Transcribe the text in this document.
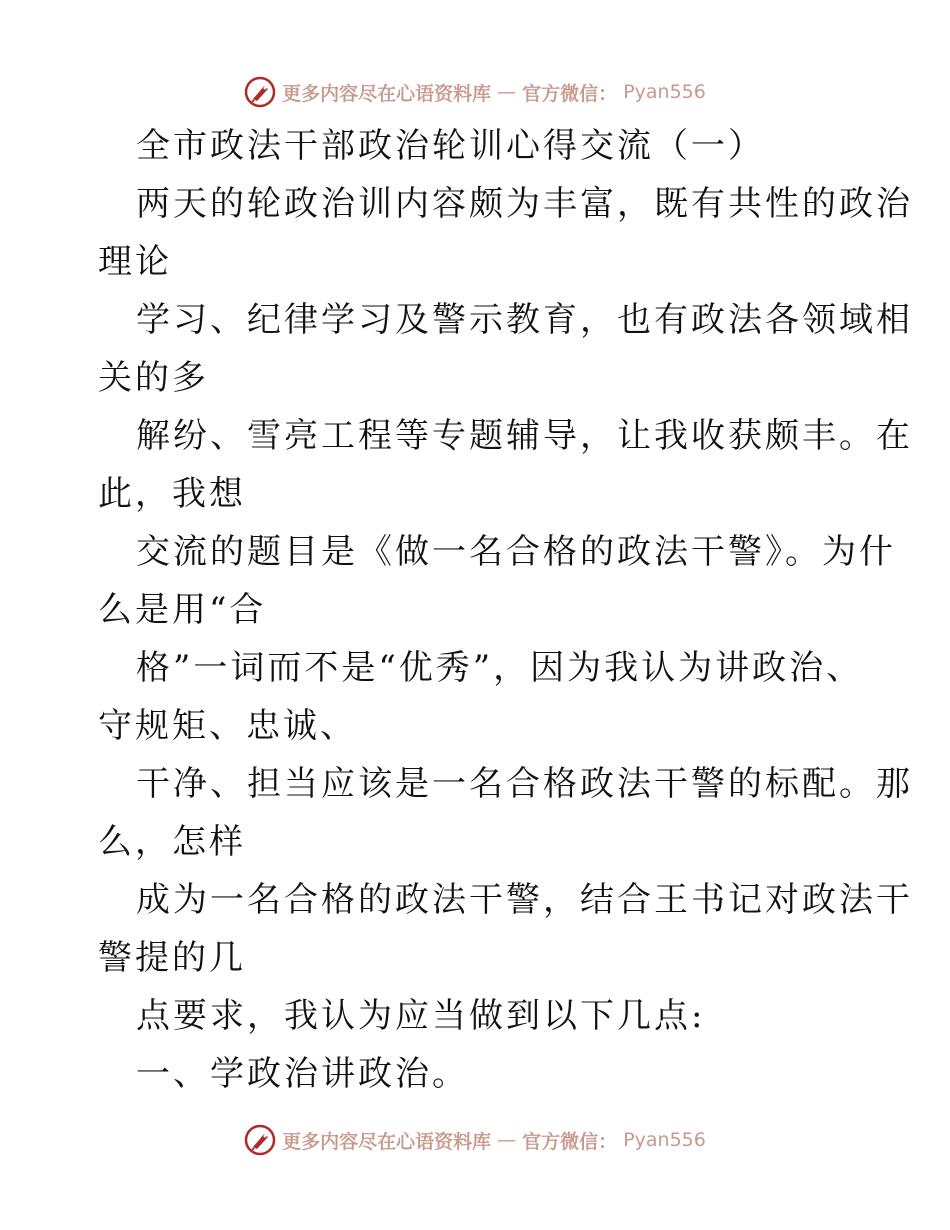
更多内容尽在心语资料库 — 官方微信： Pyan556
全市政法干部政治轮训心得交流（一）
两天的轮政治训内容颇为丰富，既有共性的政治
理论
学习、纪律学习及警示教育，也有政法各领域相
关的多
解纷、雪亮工程等专题辅导，让我收获颇丰。在
此，我想
交流的题目是《做一名合格的政法干警》。为什
么是用“合
格”一词而不是“优秀”，因为我认为讲政治、
守规矩、忠诚、
干净、担当应该是一名合格政法干警的标配。那
么，怎样
成为一名合格的政法干警，结合王书记对政法干
警提的几
点要求，我认为应当做到以下几点:
一、学政治讲政治。
更多内容尽在心语资料库 — 官方微信： Pyan556
